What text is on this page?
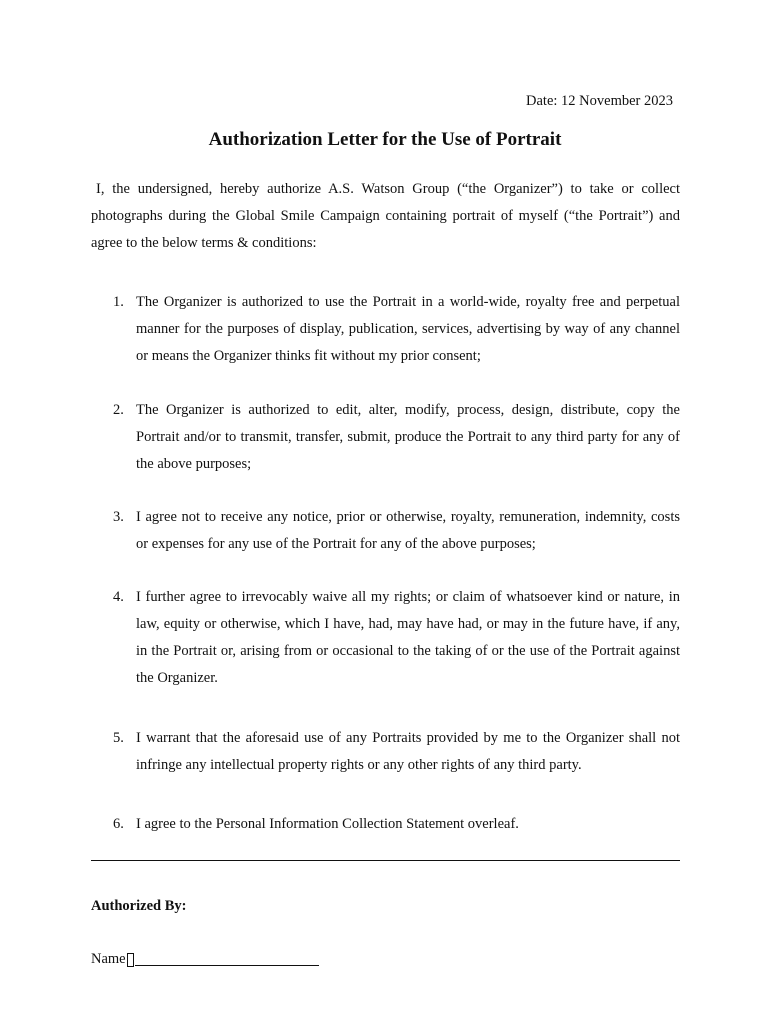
Date: 12 November 2023
Authorization Letter for the Use of Portrait
I, the undersigned, hereby authorize A.S. Watson Group (“the Organizer”) to take or collect photographs during the Global Smile Campaign containing portrait of myself (“the Portrait”) and agree to the below terms & conditions:
1. The Organizer is authorized to use the Portrait in a world-wide, royalty free and perpetual manner for the purposes of display, publication, services, advertising by way of any channel or means the Organizer thinks fit without my prior consent;
2. The Organizer is authorized to edit, alter, modify, process, design, distribute, copy the Portrait and/or to transmit, transfer, submit, produce the Portrait to any third party for any of the above purposes;
3. I agree not to receive any notice, prior or otherwise, royalty, remuneration, indemnity, costs or expenses for any use of the Portrait for any of the above purposes;
4. I further agree to irrevocably waive all my rights; or claim of whatsoever kind or nature, in law, equity or otherwise, which I have, had, may have had, or may in the future have, if any, in the Portrait or, arising from or occasional to the taking of or the use of the Portrait against the Organizer.
5. I warrant that the aforesaid use of any Portraits provided by me to the Organizer shall not infringe any intellectual property rights or any other rights of any third party.
6. I agree to the Personal Information Collection Statement overleaf.
Authorized By:
Name
